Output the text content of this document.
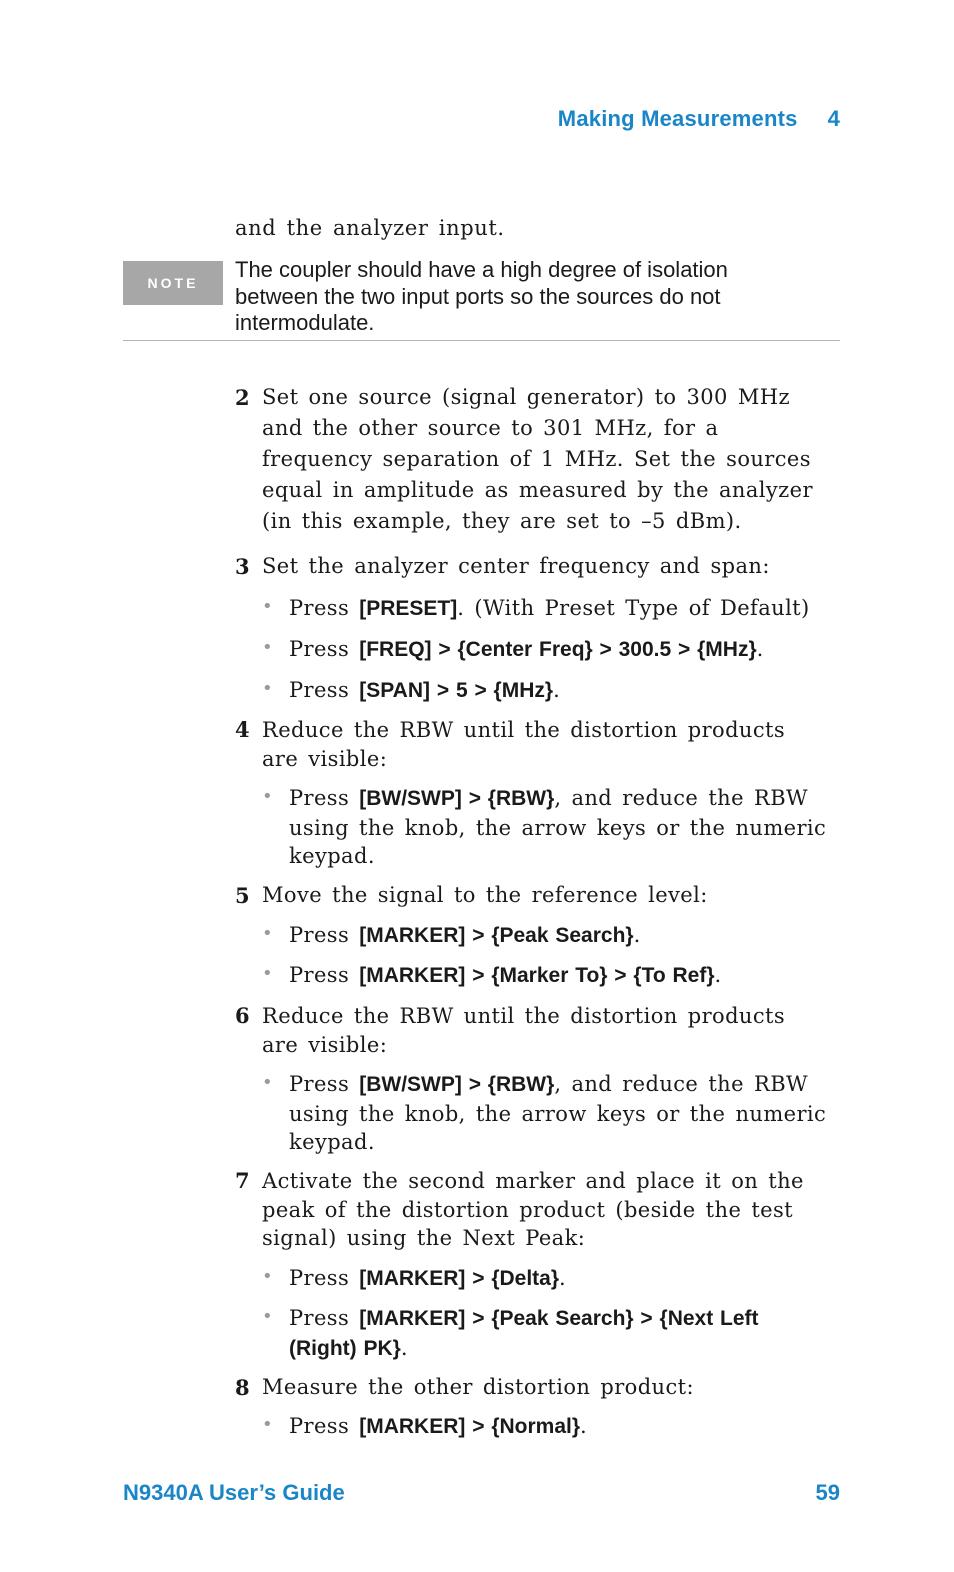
Making Measurements 4
and the analyzer input.
NOTE
The coupler should have a high degree of isolation
between the two input ports so the sources do not
intermodulate.
2 Set one source (signal generator) to 300 MHz
and the other source to 301 MHz, for a
frequency separation of 1 MHz. Set the sources
equal in amplitude as measured by the analyzer
(in this example, they are set to –5 dBm).
3 Set the analyzer center frequency and span:
• Press [PRESET]. (With Preset Type of Default)
• Press [FREQ] > {Center Freq} > 300.5 > {MHz}.
• Press [SPAN] > 5 > {MHz}.
4 Reduce the RBW until the distortion products
are visible:
• Press [BW/SWP] > {RBW}, and reduce the RBW
using the knob, the arrow keys or the numeric
keypad.
5 Move the signal to the reference level:
• Press [MARKER] > {Peak Search}.
• Press [MARKER] > {Marker To} > {To Ref}.
6 Reduce the RBW until the distortion products
are visible:
• Press [BW/SWP] > {RBW}, and reduce the RBW
using the knob, the arrow keys or the numeric
keypad.
7 Activate the second marker and place it on the
peak of the distortion product (beside the test
signal) using the Next Peak:
• Press [MARKER] > {Delta}.
• Press [MARKER] > {Peak Search} > {Next Left
(Right) PK}.
8 Measure the other distortion product:
• Press [MARKER] > {Normal}.
N9340A User’s Guide	59
